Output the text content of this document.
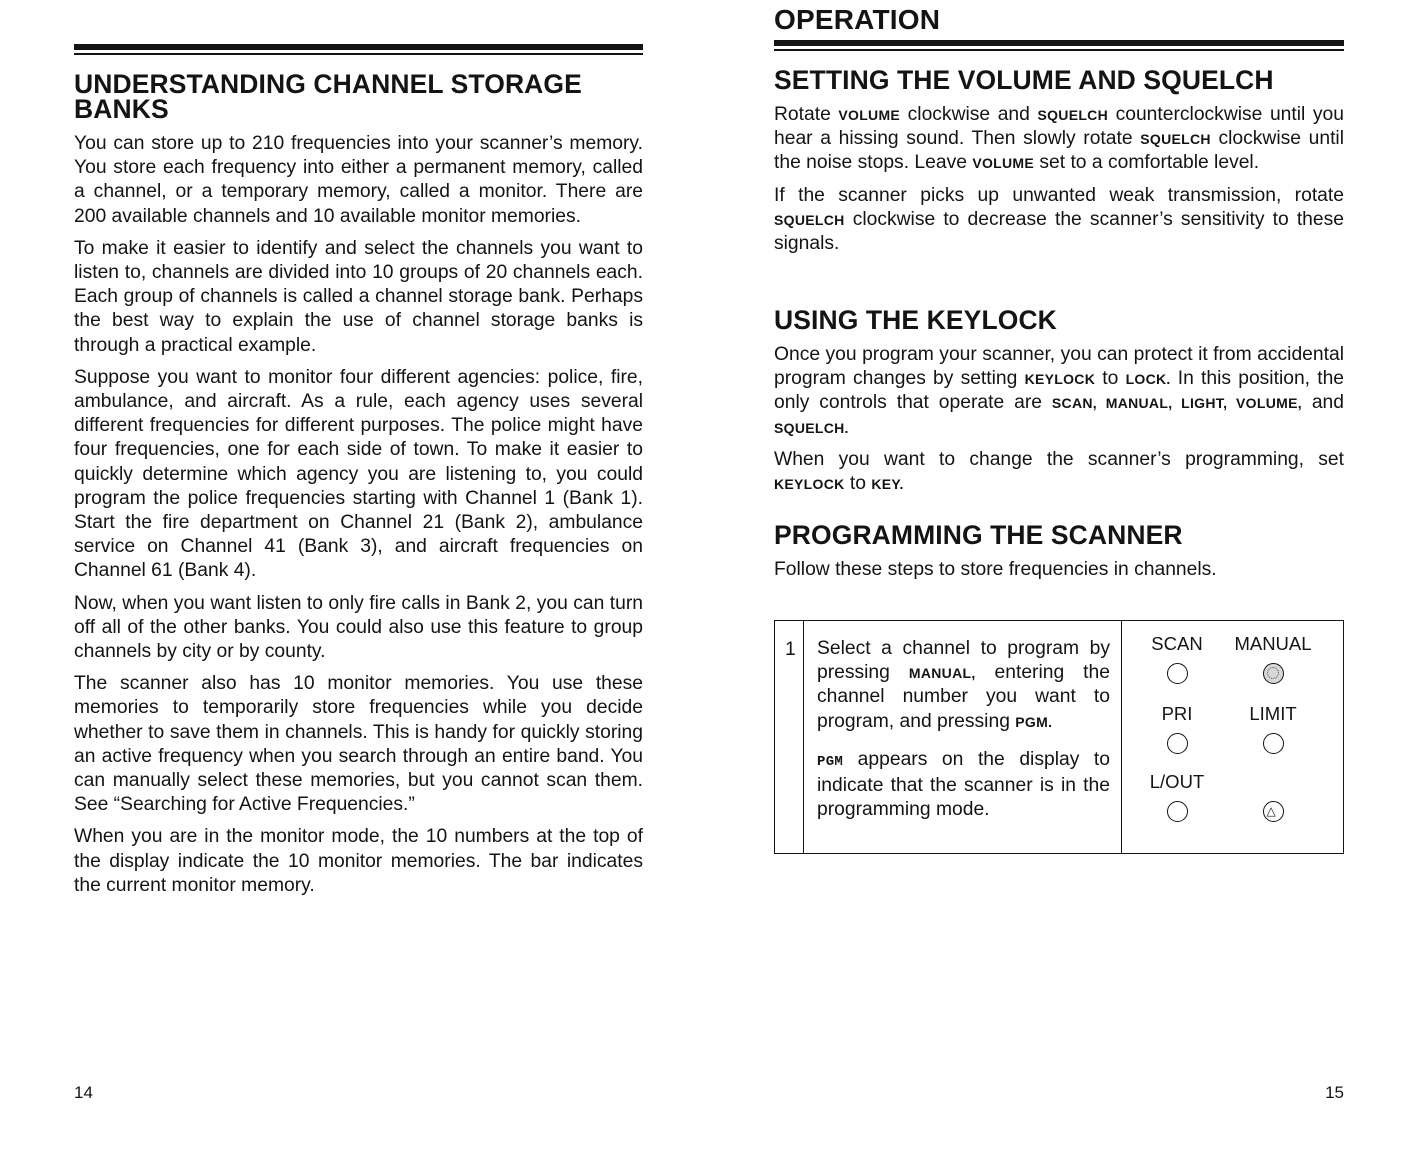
UNDERSTANDING CHANNEL STORAGE BANKS

You can store up to 210 frequencies into your scanner’s memory. You store each frequency into either a permanent memory, called a channel, or a temporary memory, called a monitor. There are 200 available channels and 10 available monitor memories.

To make it easier to identify and select the channels you want to listen to, channels are divided into 10 groups of 20 channels each. Each group of channels is called a channel storage bank. Perhaps the best way to explain the use of channel storage banks is through a practical example.

Suppose you want to monitor four different agencies: police, fire, ambulance, and aircraft. As a rule, each agency uses several different frequencies for different purposes. The police might have four frequencies, one for each side of town. To make it easier to quickly determine which agency you are listening to, you could program the police frequencies starting with Channel 1 (Bank 1). Start the fire department on Channel 21 (Bank 2), ambulance service on Channel 41 (Bank 3), and aircraft frequencies on Channel 61 (Bank 4).

Now, when you want listen to only fire calls in Bank 2, you can turn off all of the other banks. You could also use this feature to group channels by city or by county.

The scanner also has 10 monitor memories. You use these memories to temporarily store frequencies while you decide whether to save them in channels. This is handy for quickly storing an active frequency when you search through an entire band. You can manually select these memories, but you cannot scan them. See “Searching for Active Frequencies.”

When you are in the monitor mode, the 10 numbers at the top of the display indicate the 10 monitor memories. The bar indicates the current monitor memory.

14
OPERATION
SETTING THE VOLUME AND SQUELCH

Rotate VOLUME clockwise and SQUELCH counterclockwise until you hear a hissing sound. Then slowly rotate SQUELCH clockwise until the noise stops. Leave VOLUME set to a comfortable level.

If the scanner picks up unwanted weak transmission, rotate SQUELCH clockwise to decrease the scanner’s sensitivity to these signals.

USING THE KEYLOCK

Once you program your scanner, you can protect it from accidental program changes by setting KEYLOCK to LOCK. In this position, the only controls that operate are SCAN, MANUAL, LIGHT, VOLUME, and SQUELCH.

When you want to change the scanner’s programming, set KEYLOCK to KEY.

PROGRAMMING THE SCANNER

Follow these steps to store frequencies in channels.

1 Select a channel to program by pressing MANUAL, entering the channel number you want to program, and pressing PGM.

PGM appears on the display to indicate that the scanner is in the programming mode.

SCAN	MANUAL
PRI	LIMIT
L/OUT

△
15
